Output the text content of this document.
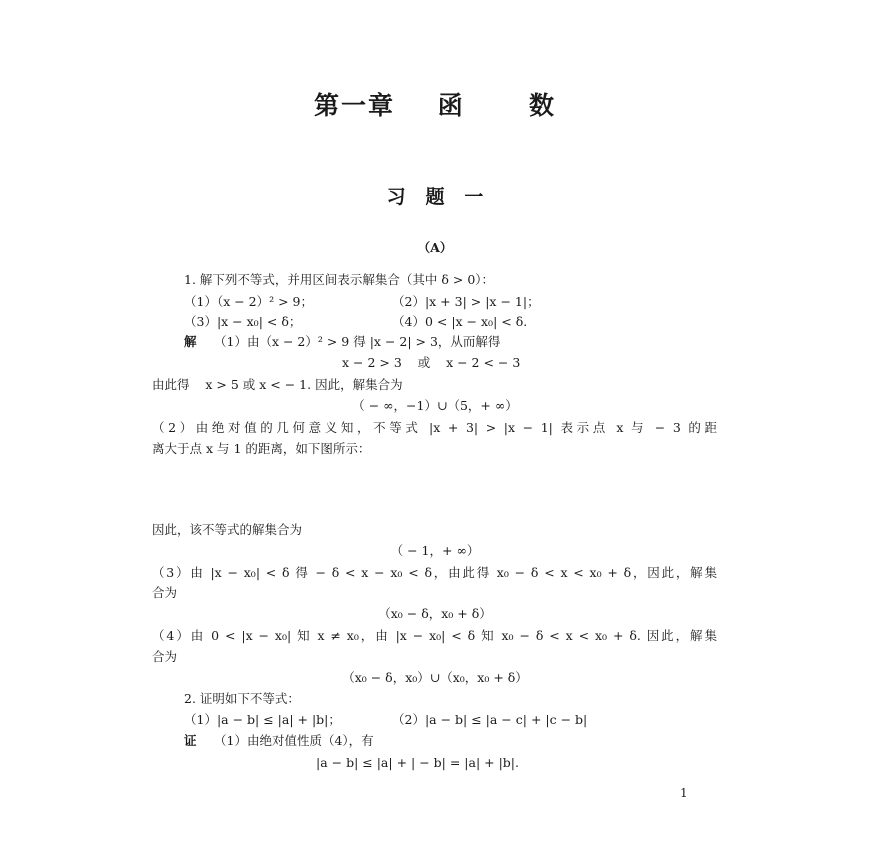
第一章    函      数
习   题   一
（A）
1. 解下列不等式，并用区间表示解集合（其中 δ > 0）：
（1）（x − 2）² > 9；	（2）|x + 3| > |x − 1|；
（3）|x − x₀| < δ；	（4）0 < |x − x₀| < δ.
解 （1）由（x − 2）² > 9 得 |x − 2| > 3，从而解得
x − 2 > 3    或    x − 2 < − 3
由此得    x > 5 或 x < − 1. 因此，解集合为
（ − ∞，−1）∪（5，+ ∞）
（2）由绝对值的几何意义知，不等式 |x + 3| > |x − 1| 表示点 x 与 − 3 的距
离大于点 x 与 1 的距离，如下图所示：
因此，该不等式的解集合为
（ − 1，+ ∞）
（3）由 |x − x₀| < δ 得 − δ < x − x₀ < δ，由此得 x₀ − δ < x < x₀ + δ，因此，解集
合为
（x₀ − δ，x₀ + δ）
（4）由 0 < |x − x₀| 知 x ≠ x₀，由 |x − x₀| < δ 知 x₀ − δ < x < x₀ + δ. 因此，解集
合为
（x₀ − δ，x₀）∪（x₀，x₀ + δ）
2. 证明如下不等式：
（1）|a − b| ≤ |a| + |b|；	（2）|a − b| ≤ |a − c| + |c − b|
证 （1）由绝对值性质（4），有
|a − b| ≤ |a| + | − b| = |a| + |b|.
1
